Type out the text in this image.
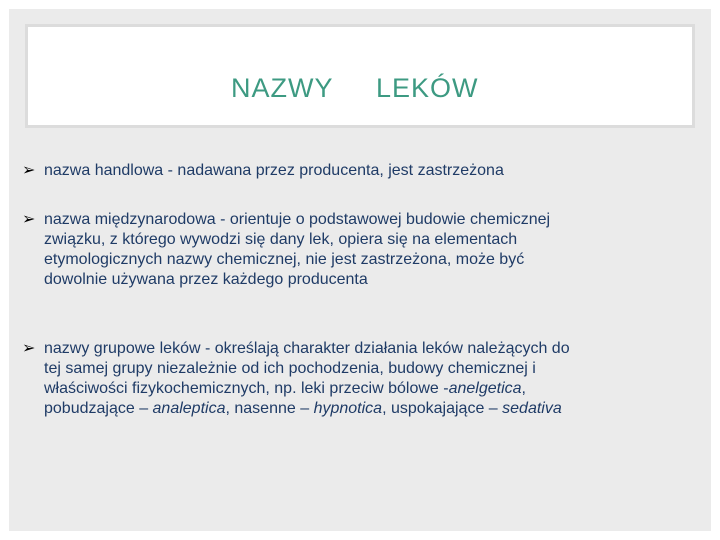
NAZWY

LEKÓW

➢ nazwa handlowa - nadawana przez producenta, jest zastrzeżona
➢ nazwa międzynarodowa - orientuje o podstawowej budowie chemicznej
związku, z którego wywodzi się dany lek, opiera się na elementach
etymologicznych nazwy chemicznej, nie jest zastrzeżona, może być
dowolnie używana przez każdego producenta
➢ nazwy grupowe leków - określają charakter działania leków należących do
tej samej grupy niezależnie od ich pochodzenia, budowy chemicznej i
właściwości fizykochemicznych, np. leki przeciw bólowe -anelgetica,
pobudzające – analeptica, nasenne – hypnotica, uspokajające – sedativa
